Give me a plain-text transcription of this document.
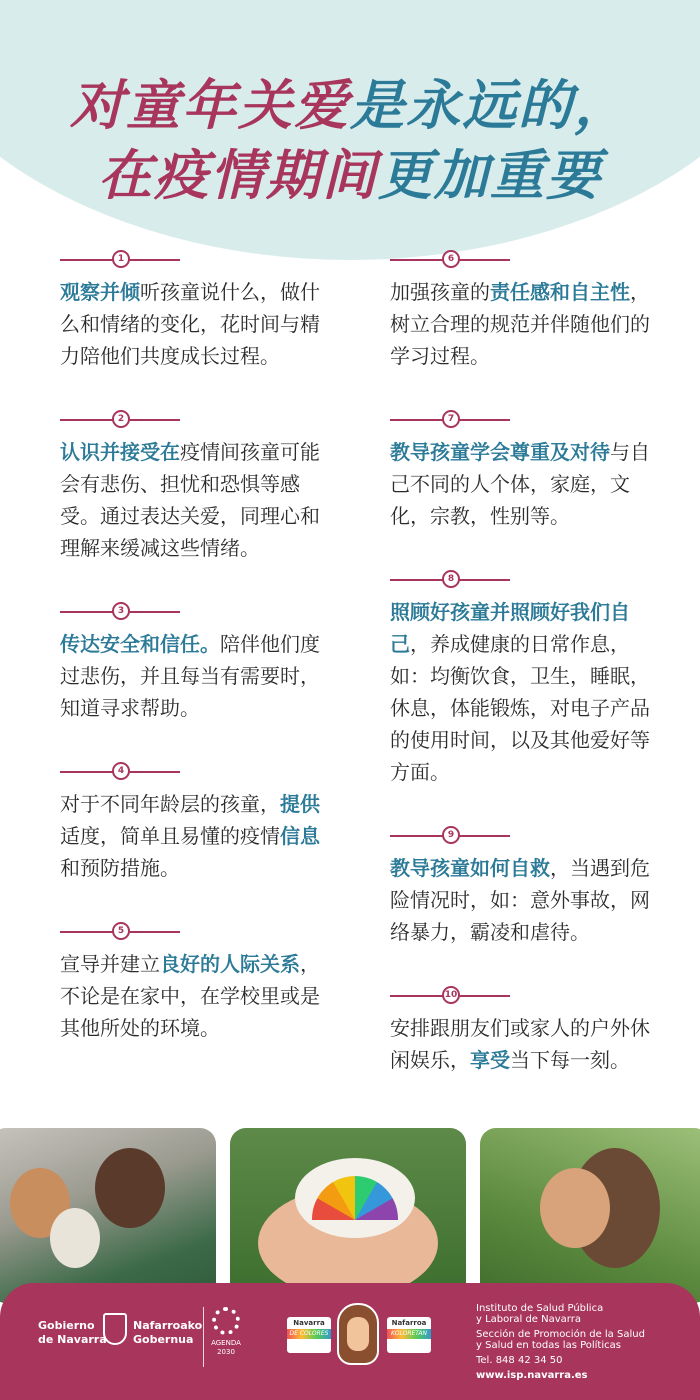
对童年关爱是永远的，
在疫情期间更加重要
1
观察并倾听孩童说什么，做什么和情绪的变化，花时间与精力陪他们共度成长过程。
2
认识并接受在疫情间孩童可能会有悲伤、担忧和恐惧等感受。通过表达关爱，同理心和理解来缓减这些情绪。
3
传达安全和信任。陪伴他们度过悲伤，并且每当有需要时，知道寻求帮助。
4
对于不同年龄层的孩童，提供适度，简单且易懂的疫情信息和预防措施。
5
宣导并建立良好的人际关系，不论是在家中，在学校里或是其他所处的环境。
6
加强孩童的责任感和自主性，树立合理的规范并伴随他们的学习过程。
7
教导孩童学会尊重及对待与自己不同的人个体，家庭，文化，宗教，性别等。
8
照顾好孩童并照顾好我们自己，养成健康的日常作息，如：均衡饮食，卫生，睡眠，休息，体能锻炼，对电子产品的使用时间，以及其他爱好等方面。
9
教导孩童如何自救，当遇到危险情况时，如：意外事故，网络暴力，霸凌和虐待。
10
安排跟朋友们或家人的户外休闲娱乐，享受当下每一刻。
Gobierno
de Navarra
Nafarroako
Gobernua	AGENDA
2030
Navarra
DE COLORES
Nafarroa
KOLORETAN
Instituto de Salud Pública
y Laboral de Navarra
Sección de Promoción de la Salud
y Salud en todas las Políticas
Tel. 848 42 34 50
www.isp.navarra.es
